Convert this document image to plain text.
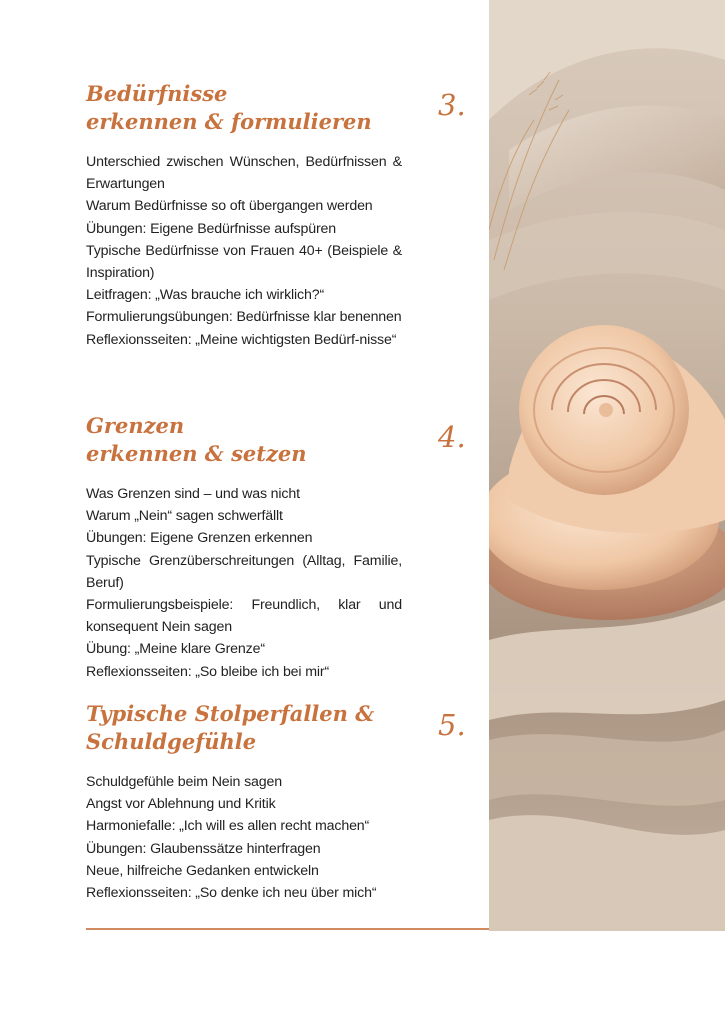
Bedürfnisse
erkennen & formulieren	3.
Unterschied zwischen Wünschen, Bedürfnissen & Erwartungen
Warum Bedürfnisse so oft übergangen werden
Übungen: Eigene Bedürfnisse aufspüren
Typische Bedürfnisse von Frauen 40+ (Beispiele & Inspiration)
Leitfragen: „Was brauche ich wirklich?“
Formulierungsübungen: Bedürfnisse klar benennen
Reflexionsseiten: „Meine wichtigsten Bedürf-nisse“
Grenzen
erkennen & setzen	4.
Was Grenzen sind – und was nicht
Warum „Nein“ sagen schwerfällt
Übungen: Eigene Grenzen erkennen
Typische Grenzüberschreitungen (Alltag, Familie, Beruf)
Formulierungsbeispiele: Freundlich, klar und konsequent Nein sagen
Übung: „Meine klare Grenze“
Reflexionsseiten: „So bleibe ich bei mir“
Typische Stolperfallen &
Schuldgefühle	5.
Schuldgefühle beim Nein sagen
Angst vor Ablehnung und Kritik
Harmoniefalle: „Ich will es allen recht machen“
Übungen: Glaubenssätze hinterfragen
Neue, hilfreiche Gedanken entwickeln
Reflexionsseiten: „So denke ich neu über mich“
